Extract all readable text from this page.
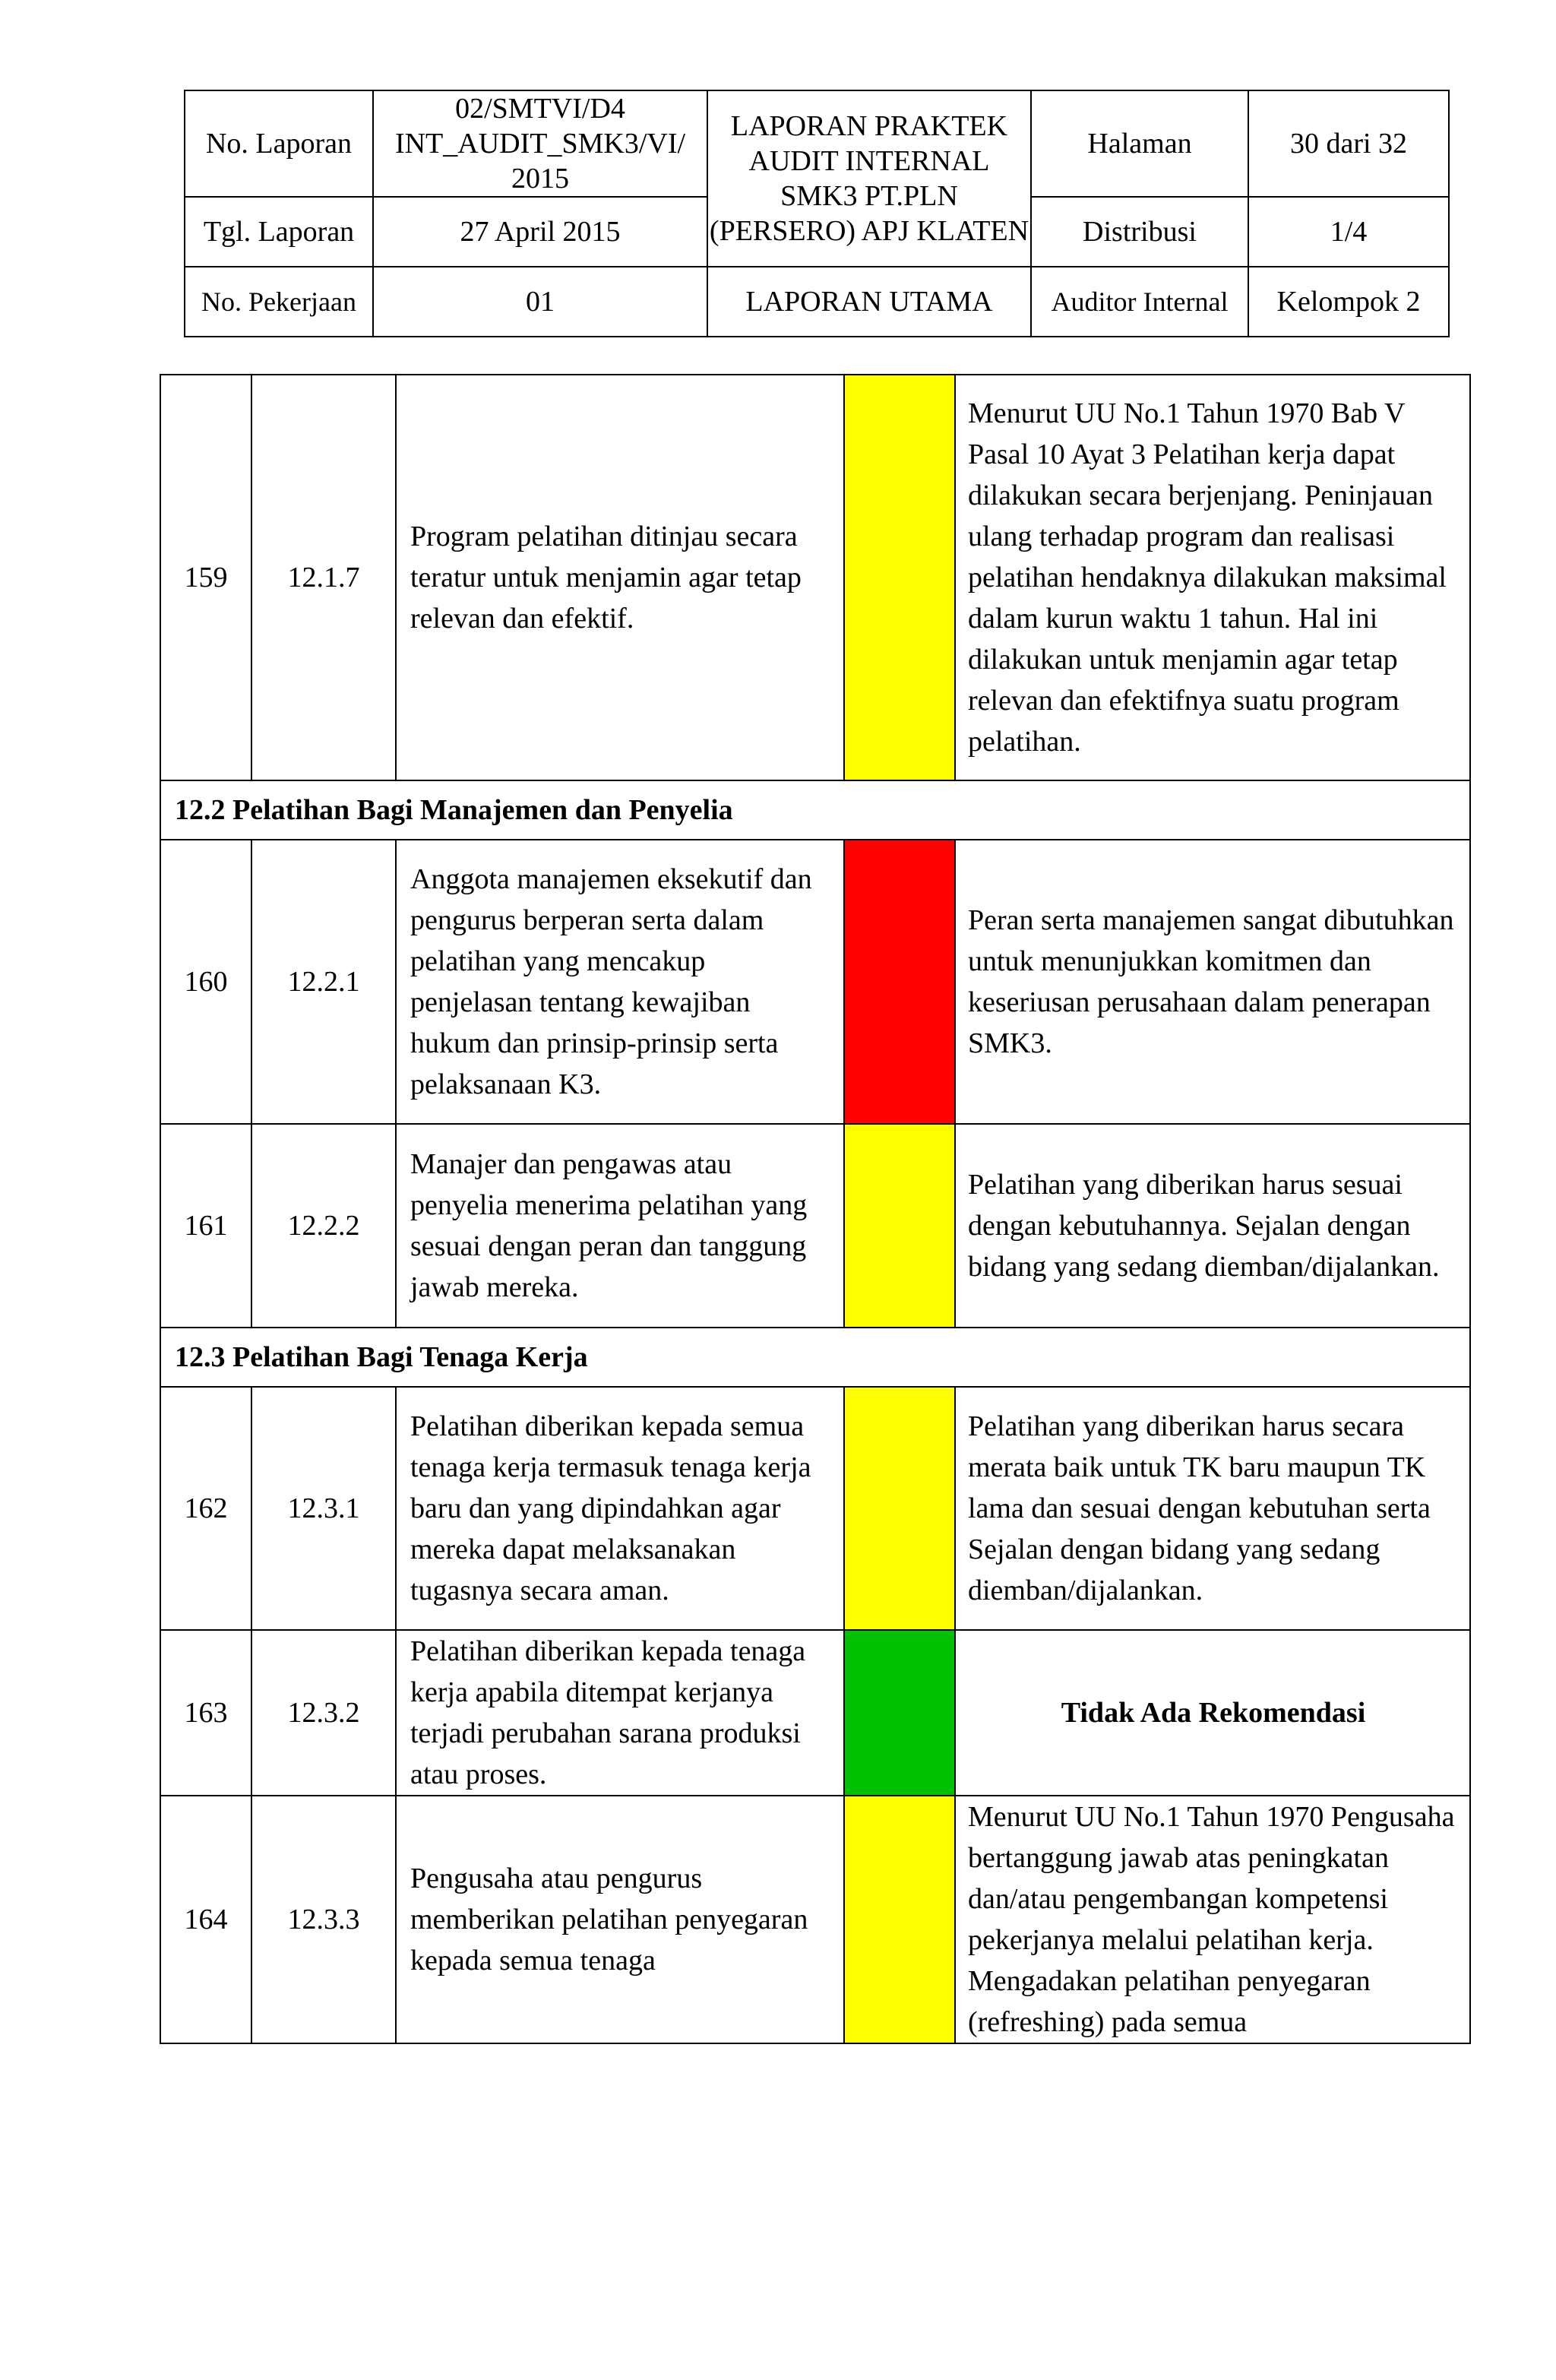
No. Laporan	02/SMTVI/D4 INT_AUDIT_SMK3/VI/ 2015	LAPORAN PRAKTEK AUDIT INTERNAL SMK3 PT.PLN (PERSERO) APJ KLATEN	Halaman	30 dari 32
Tgl. Laporan	27 April 2015		Distribusi	1/4
No. Pekerjaan	01	LAPORAN UTAMA	Auditor Internal	Kelompok 2
159	12.1.7	Program pelatihan ditinjau secara teratur untuk menjamin agar tetap relevan dan efektif.		Menurut UU No.1 Tahun 1970 Bab V Pasal 10 Ayat 3 Pelatihan kerja dapat dilakukan secara berjenjang. Peninjauan ulang terhadap program dan realisasi pelatihan hendaknya dilakukan maksimal dalam kurun waktu 1 tahun. Hal ini dilakukan untuk menjamin agar tetap relevan dan efektifnya suatu program pelatihan.
12.2 Pelatihan Bagi Manajemen dan Penyelia				
160	12.2.1	Anggota manajemen eksekutif dan pengurus berperan serta dalam pelatihan yang mencakup penjelasan tentang kewajiban hukum dan prinsip-prinsip serta pelaksanaan K3.		Peran serta manajemen sangat dibutuhkan untuk menunjukkan komitmen dan keseriusan perusahaan dalam penerapan SMK3.
161	12.2.2	Manajer dan pengawas atau penyelia menerima pelatihan yang sesuai dengan peran dan tanggung jawab mereka.		Pelatihan yang diberikan harus sesuai dengan kebutuhannya. Sejalan dengan bidang yang sedang diemban/dijalankan.
12.3 Pelatihan Bagi Tenaga Kerja				
162	12.3.1	Pelatihan diberikan kepada semua tenaga kerja termasuk tenaga kerja baru dan yang dipindahkan agar mereka dapat melaksanakan tugasnya secara aman.		Pelatihan yang diberikan harus secara merata baik untuk TK baru maupun TK lama dan sesuai dengan kebutuhan serta Sejalan dengan bidang yang sedang diemban/dijalankan.
163	12.3.2	Pelatihan diberikan kepada tenaga kerja apabila ditempat kerjanya terjadi perubahan sarana produksi atau proses.		Tidak Ada Rekomendasi
164	12.3.3	Pengusaha atau pengurus memberikan pelatihan penyegaran kepada semua tenaga		Menurut UU No.1 Tahun 1970 Pengusaha bertanggung jawab atas peningkatan dan/atau pengembangan kompetensi pekerjanya melalui pelatihan kerja. Mengadakan pelatihan penyegaran (refreshing) pada semua
